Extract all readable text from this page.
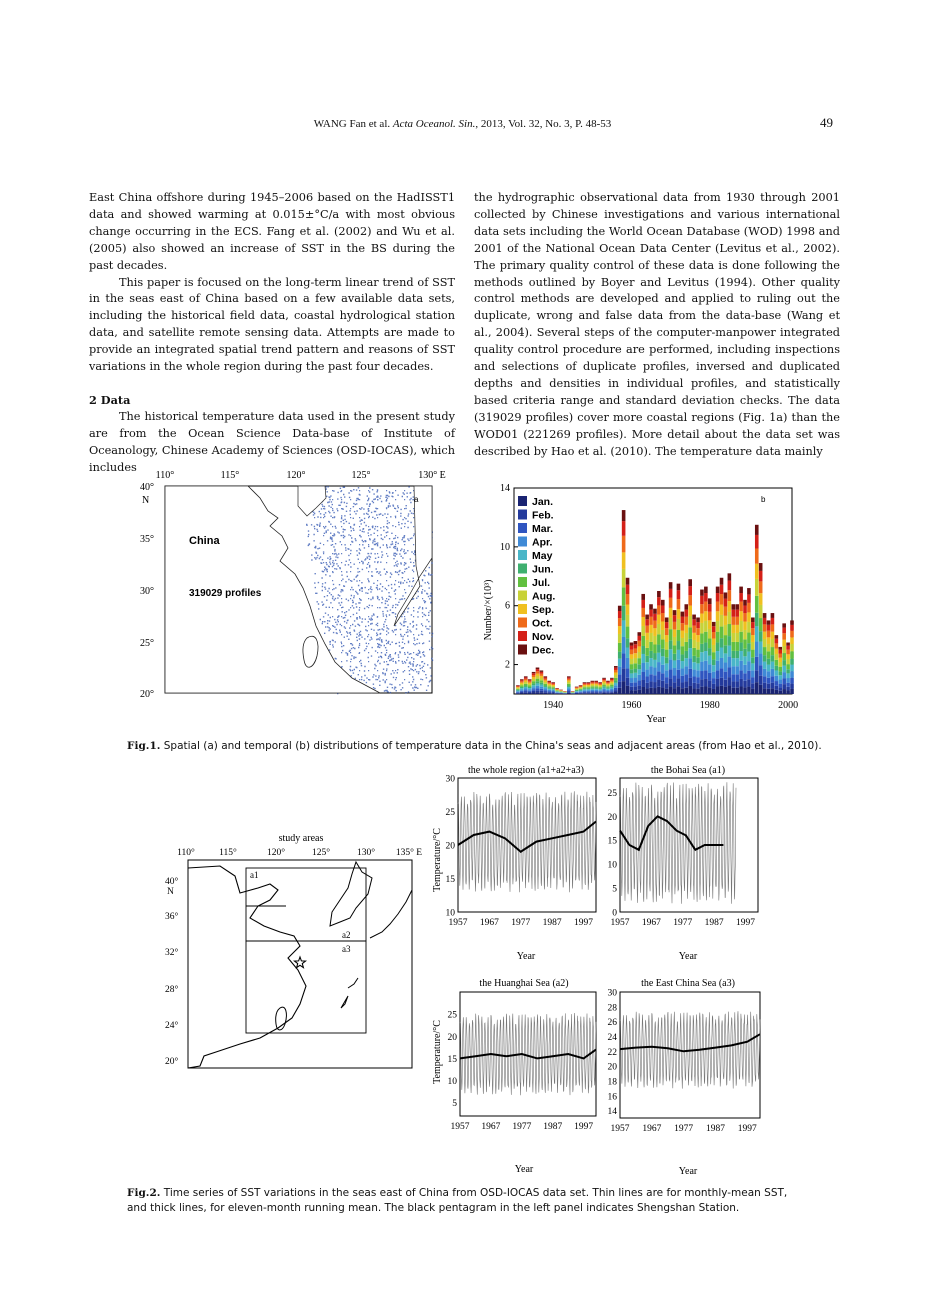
WANG Fan et al. Acta Oceanol. Sin., 2013, Vol. 32, No. 3, P. 48-53	49

East China offshore during 1945–2006 based on the HadISST1 data and showed warming at 0.015±°C/a with most obvious change occurring in the ECS. Fang et al. (2002) and Wu et al. (2005) also showed an increase of SST in the BS during the past decades.

This paper is focused on the long-term linear trend of SST in the seas east of China based on a few available data sets, including the historical field data, coastal hydrological station data, and satellite remote sensing data. Attempts are made to provide an integrated spatial trend pattern and reasons of SST variations in the whole region during the past four decades.

2 Data

The historical temperature data used in the present study are from the Ocean Science Data-base of Institute of Oceanology, Chinese Academy of Sciences (OSD-IOCAS), which includes

the hydrographic observational data from 1930 through 2001 collected by Chinese investigations and various international data sets including the World Ocean Database (WOD) 1998 and 2001 of the National Ocean Data Center (Levitus et al., 2002). The primary quality control of these data is done following the methods outlined by Boyer and Levitus (1994). Other quality control methods are developed and applied to ruling out the duplicate, wrong and false data from the data-base (Wang et al., 2004). Several steps of the computer-manpower integrated quality control procedure are performed, including inspections and selections of duplicate profiles, inversed and duplicated depths and densities in individual profiles, and statistically based criteria range and standard deviation checks. The data (319029 profiles) cover more coastal regions (Fig. 1a) than the WOD01 (221269 profiles). More detail about the data set was described by Hao et al. (2010). The temperature data mainly

110°	115°	120°	125°	130° E
40°
N
35°
30°
25°
20°
China
319029 profiles
a
2
6
10
14
1940	1960	1980	2000
Jan.
Feb.
Mar.
Apr.
May
Jun.
Jul.
Aug.
Sep.
Oct.
Nov.
Dec.
b
Number/×(10³)
Year
Fig.1. Spatial (a) and temporal (b) distributions of temperature data in the China's seas and adjacent areas (from Hao et al., 2010).
study areas
110°	115°	120°	125°	130° 135° E
40°
N
36°
32°
28°
24°
20°
a1
a2
a3
the whole region (a1+a2+a3)
Temperature/°C
Year
10
15
20
25
30
1957 1967 1977 1987 1997
the Bohai Sea (a1)
Year
0
5
10
15
20
25
1957 1967 1977 1987 1997
the Huanghai Sea (a2)
Temperature/°C
Year
5
10
15
20
25
1957 1967 1977 1987 1997
the East China Sea (a3)
Year
14
16
18
20
22
24
26
28
30
1957 1967 1977 1987 1997
Fig.2. Time series of SST variations in the seas east of China from OSD-IOCAS data set. Thin lines are for monthly-mean SST, and thick lines, for eleven-month running mean. The black pentagram in the left panel indicates Shengshan Station.
